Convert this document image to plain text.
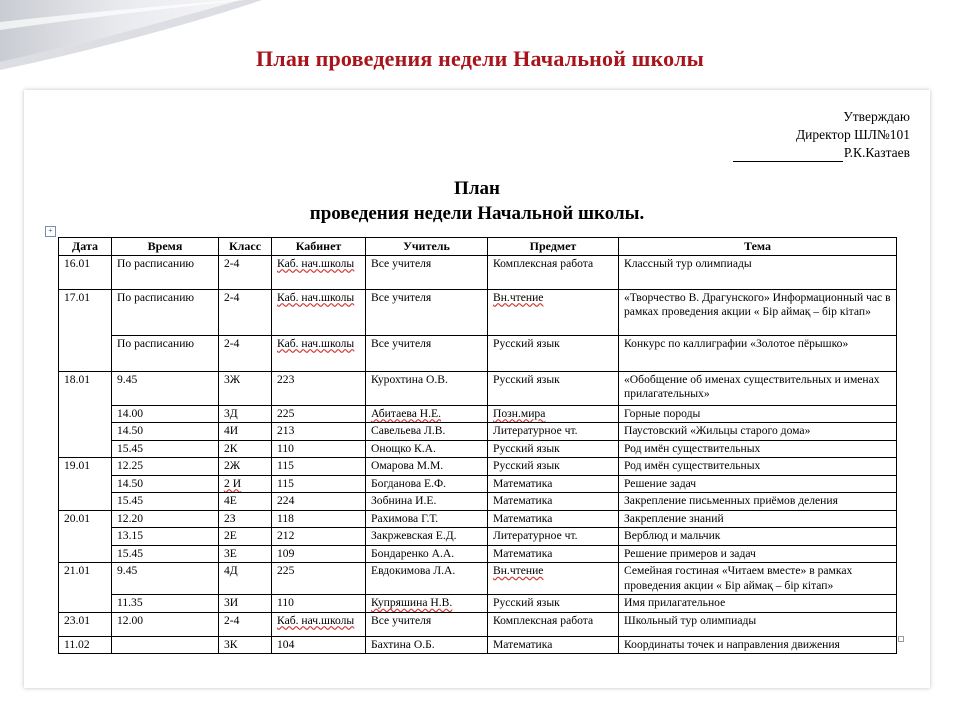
План проведения недели Начальной школы
Утверждаю
Директор ШЛ№101
Р.К.Казтаев
План
проведения недели Начальной школы.
+
Дата	Время	Класс	Кабинет	Учитель	Предмет	Тема
16.01	По расписанию	2-4	Каб. нач.школы	Все учителя	Комплексная работа	Классный тур олимпиады
17.01	По расписанию	2-4	Каб. нач.школы	Все учителя	Вн.чтение	«Творчество В. Драгунского» Информационный час в рамках проведения акции « Бір аймақ – бір кітап»
	По расписанию	2-4	Каб. нач.школы	Все учителя	Русский язык	Конкурс по каллиграфии «Золотое пёрышко»
18.01	9.45	3Ж	223	Курохтина О.В.	Русский язык	«Обобщение об именах существительных и именах прилагательных»
	14.00	3Д	225	Абитаева Н.Е.	Позн.мира	Горные породы
	14.50	4И	213	Савельева Л.В.	Литературное чт.	Паустовский «Жильцы старого дома»
	15.45	2К	110	Онощко К.А.	Русский язык	Род имён существительных
19.01	12.25	2Ж	115	Омарова М.М.	Русский язык	Род имён существительных
	14.50	2 И	115	Богданова Е.Ф.	Математика	Решение задач
	15.45	4Е	224	Зобнина И.Е.	Математика	Закрепление письменных приёмов деления
20.01	12.20	2З	118	Рахимова Г.Т.	Математика	Закрепление знаний
	13.15	2Е	212	Закржевская Е.Д.	Литературное чт.	Верблюд и мальчик
	15.45	3Е	109	Бондаренко А.А.	Математика	Решение примеров и задач
21.01	9.45	4Д	225	Евдокимова Л.А.	Вн.чтение	Семейная гостиная «Читаем вместе» в рамках проведения акции « Бір аймақ – бір кітап»
	11.35	3И	110	Купряшина Н.В.	Русский язык	Имя прилагательное
23.01	12.00	2-4	Каб. нач.школы	Все учителя	Комплексная работа	Школьный тур олимпиады
11.02		3К	104	Бахтина О.Б.	Математика	Координаты точек и направления движения
